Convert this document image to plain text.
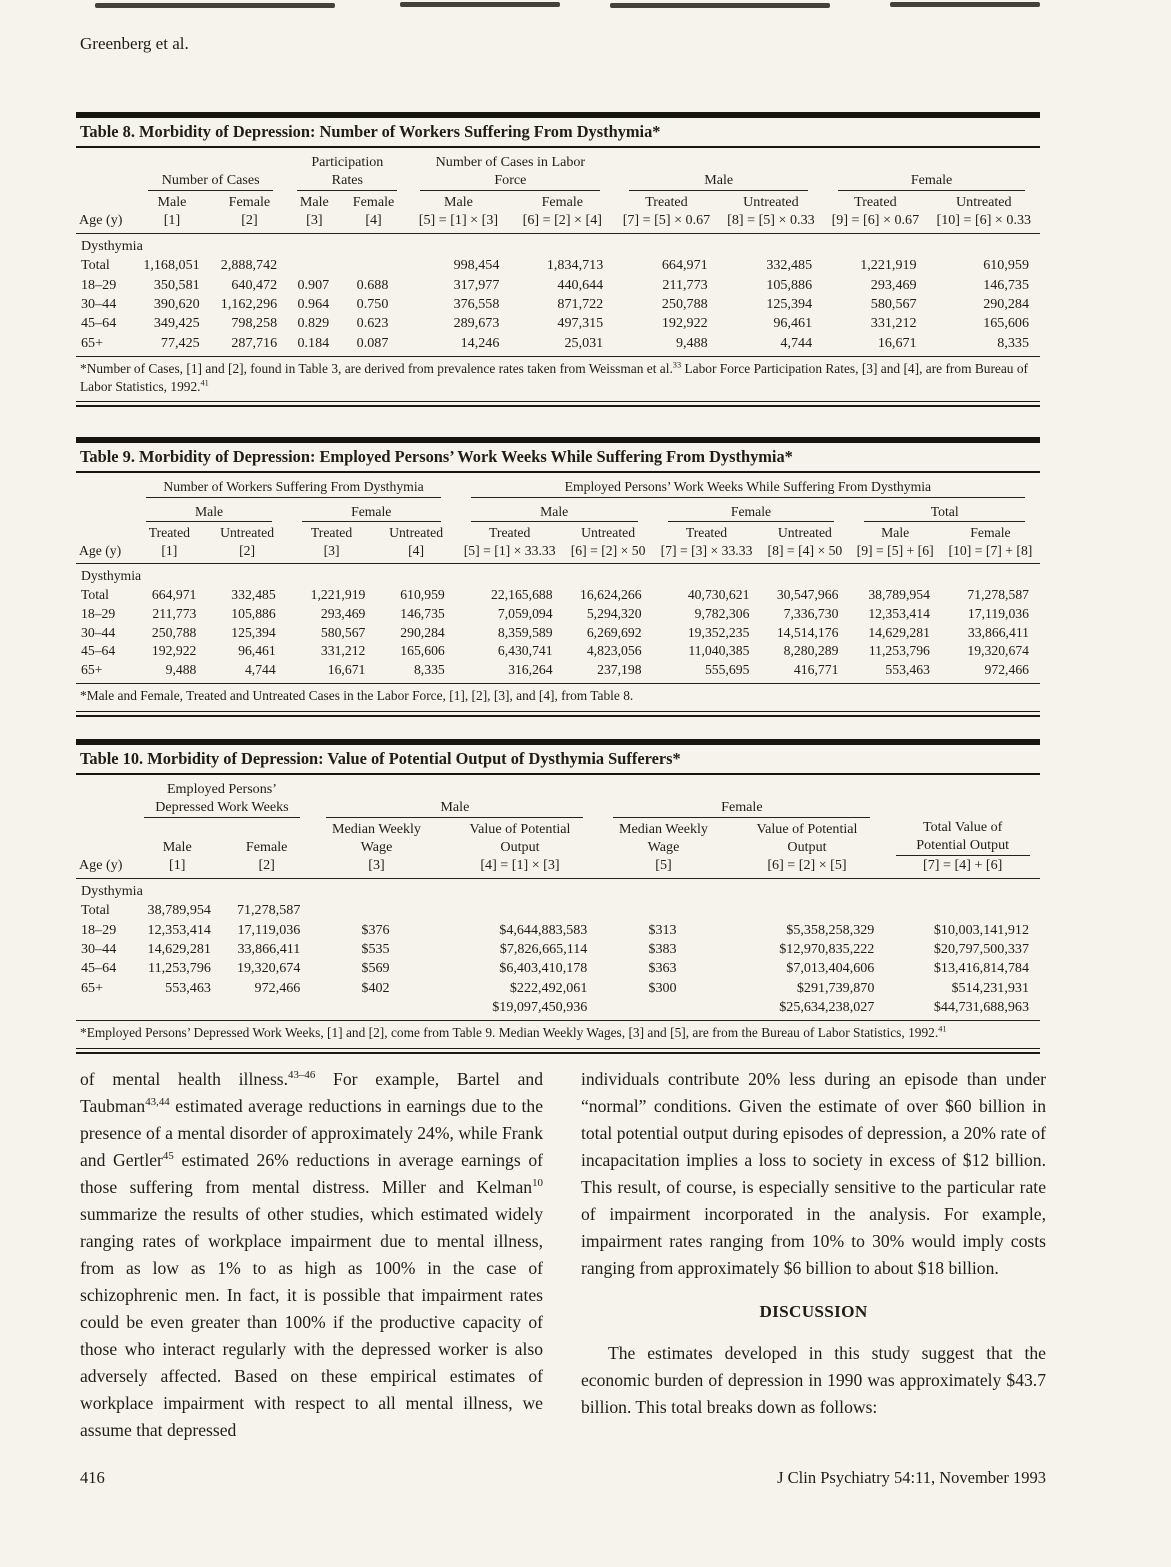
Greenberg et al.
Table 8. Morbidity of Depression: Number of Workers Suffering From Dysthymia*

	Number of Cases		Participation Rates		Number of Cases in Labor Force		Male		Female	

	Male	Female	Male	Female	Male	Female	Treated	Untreated	Treated	Untreated
Age (y)	[1]	[2]	[3]	[4]	[5] = [1] × [3]	[6] = [2] × [4]	[7] = [5] × 0.67	[8] = [5] × 0.33	[9] = [6] × 0.67	[10] = [6] × 0.33
Dysthymia										
Total	1,168,051	2,888,742			998,454	1,834,713	664,971	332,485	1,221,919	610,959
18–29	350,581	640,472	0.907	0.688	317,977	440,644	211,773	105,886	293,469	146,735
30–44	390,620	1,162,296	0.964	0.750	376,558	871,722	250,788	125,394	580,567	290,284
45–64	349,425	798,258	0.829	0.623	289,673	497,315	192,922	96,461	331,212	165,606
65+	77,425	287,716	0.184	0.087	14,246	25,031	9,488	4,744	16,671	8,335
*Number of Cases, [1] and [2], found in Table 3, are derived from prevalence rates taken from Weissman et al.$^{33}$ Labor Force Participation Rates, [3] and [4], are from Bureau of Labor Statistics, 1992.41
Table 9. Morbidity of Depression: Employed Persons’ Work Weeks While Suffering From Dysthymia*

	Number of Workers Suffering From Dysthymia				Employed Persons’ Work Weeks While Suffering From Dysthymia					

	Male		Female		Male		Female		Total	

	Treated	Untreated	Treated	Untreated	Treated	Untreated	Treated	Untreated	Male	Female
Age (y)	[1]	[2]	[3]	[4]	[5] = [1] × 33.33	[6] = [2] × 50	[7] = [3] × 33.33	[8] = [4] × 50	[9] = [5] + [6]	[10] = [7] + [8]
Dysthymia										
Total	664,971	332,485	1,221,919	610,959	22,165,688	16,624,266	40,730,621	30,547,966	38,789,954	71,278,587
18–29	211,773	105,886	293,469	146,735	7,059,094	5,294,320	9,782,306	7,336,730	12,353,414	17,119,036
30–44	250,788	125,394	580,567	290,284	8,359,589	6,269,692	19,352,235	14,514,176	14,629,281	33,866,411
45–64	192,922	96,461	331,212	165,606	6,430,741	4,823,056	11,040,385	8,280,289	11,253,796	19,320,674
65+	9,488	4,744	16,671	8,335	316,264	237,198	555,695	416,771	553,463	972,466
*Male and Female, Treated and Untreated Cases in the Labor Force, [1], [2], [3], and [4], from Table 8.
Table 10. Morbidity of Depression: Value of Potential Output of Dysthymia Sufferers*

	Employed Persons’ Depressed Work Weeks		Male		Female		Total Value of Potential Output

	Male	Female	Median Weekly Wage	Value of Potential Output	Median Weekly Wage	Value of Potential Output	

Age (y)	[1]	[2]	[3]	[4] = [1] × [3]	[5]	[6] = [2] × [5]	[7] = [4] + [6]
Dysthymia							
Total	38,789,954	71,278,587					
18–29	12,353,414	17,119,036	$376	$4,644,883,583	$313	$5,358,258,329	$10,003,141,912
30–44	14,629,281	33,866,411	$535	$7,826,665,114	$383	$12,970,835,222	$20,797,500,337
45–64	11,253,796	19,320,674	$569	$6,403,410,178	$363	$7,013,404,606	$13,416,814,784
65+	553,463	972,466	$402	$222,492,061	$300	$291,739,870	$514,231,931
				$19,097,450,936		$25,634,238,027	$44,731,688,963
*Employed Persons’ Depressed Work Weeks, [1] and [2], come from Table 9. Median Weekly Wages, [3] and [5], are from the Bureau of Labor Statistics, 1992.41

of mental health illness.$^{43-46}$ For example, Bartel and Taubman$^{43,44}$ estimated average reductions in earnings due to the presence of a mental disorder of approximately 24%, while Frank and Gertler$^{45}$ estimated 26% reductions in average earnings of those suffering from mental distress. Miller and Kelman$^{10}$ summarize the results of other studies, which estimated widely ranging rates of workplace impairment due to mental illness, from as low as 1% to as high as 100% in the case of schizophrenic men. In fact, it is possible that impairment rates could be even greater than 100% if the productive capacity of those who interact regularly with the depressed worker is also adversely affected. Based on these empirical estimates of workplace impairment with respect to all mental illness, we assume that depressed

individuals contribute 20% less during an episode than under “normal” conditions. Given the estimate of over $60 billion in total potential output during episodes of depression, a 20% rate of incapacitation implies a loss to society in excess of $12 billion. This result, of course, is especially sensitive to the particular rate of impairment incorporated in the analysis. For example, impairment rates ranging from 10% to 30% would imply costs ranging from approximately $6 billion to about $18 billion.

DISCUSSION

The estimates developed in this study suggest that the economic burden of depression in 1990 was approximately $43.7 billion. This total breaks down as follows:

416	J Clin Psychiatry 54:11, November 1993
